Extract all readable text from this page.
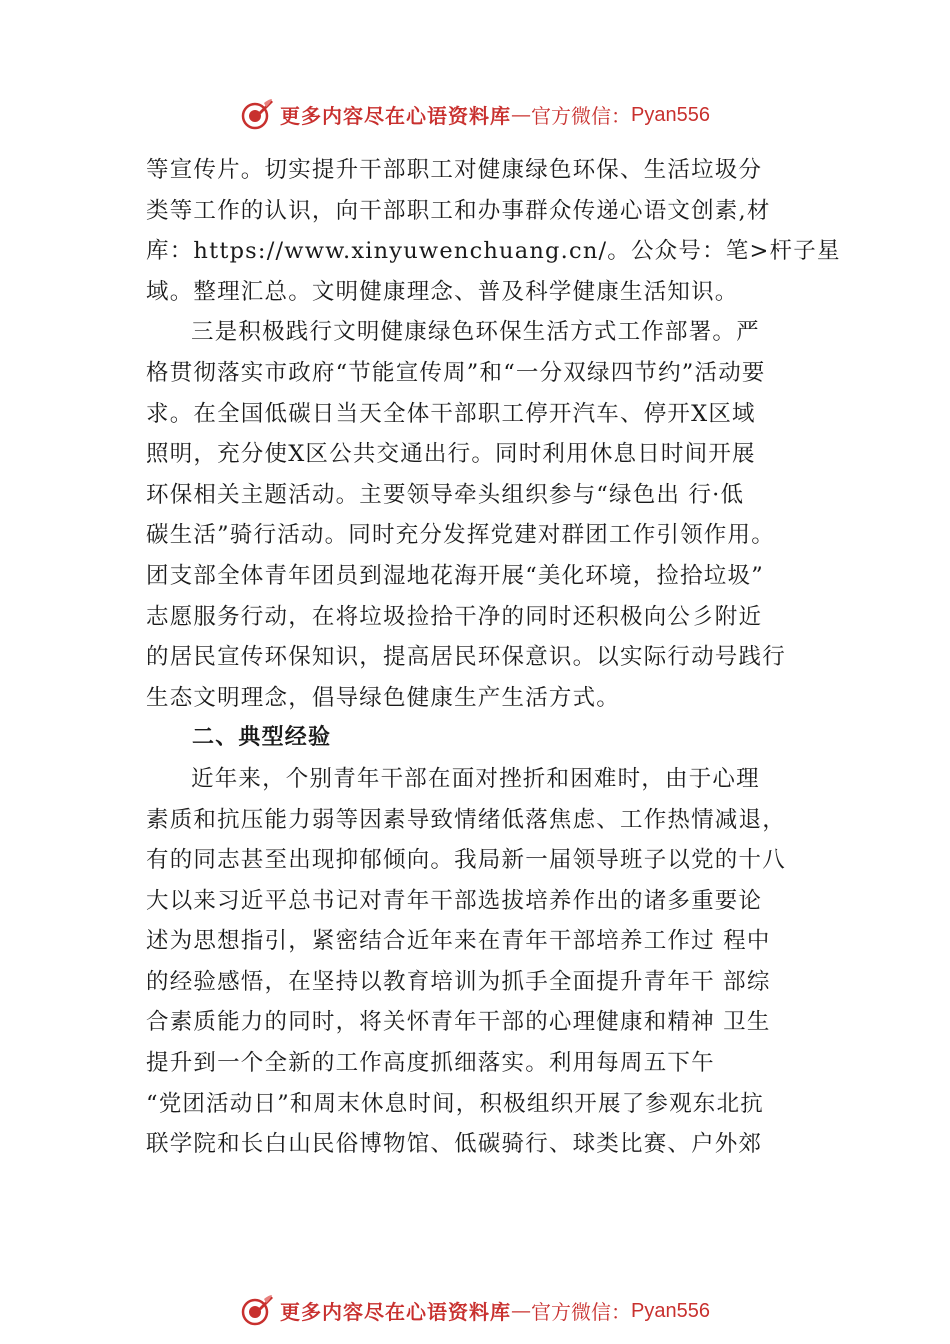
更多内容尽在心语资料库 — 官方微信： Pyan556
等宣传片。切实提升干部职工对健康绿色环保、生活垃圾分
类等工作的认识，向干部职工和办事群众传递心语文创素,材
库：https://www.xinyuwenchuang.cn/。公众号：笔>杆子星
域。整理汇总。文明健康理念、普及科学健康生活知识。
三是积极践行文明健康绿色环保生活方式工作部署。严
格贯彻落实市政府“节能宣传周”和“一分双绿四节约”活动要
求。在全国低碳日当天全体干部职工停开汽车、停开X区域
照明，充分使X区公共交通出行。同时利用休息日时间开展
环保相关主题活动。主要领导牵头组织参与“绿色出 行·低
碳生活”骑行活动。同时充分发挥党建对群团工作引领作用。
团支部全体青年团员到湿地花海开展“美化环境，捡拾垃圾”
志愿服务行动，在将垃圾捡拾干净的同时还积极向公⼺附近
的居民宣传环保知识，提高居民环保意识。以实际行动号践行
生态文明理念，倡导绿色健康生产生活方式。
二、典型经验
近年来，个别青年干部在面对挫折和困难时，由于心理
素质和抗压能力弱等因素导致情绪低落焦虑、工作热情减退，
有的同志甚至出现抑郁倾向。我局新一届领导班子以党的十八
大以来习近平总书记对青年干部选拔培养作出的诸多重要论
述为思想指引，紧密结合近年来在青年干部培养工作过 程中
的经验感悟，在坚持以教育培训为抓手全面提升青年干 部综
合素质能力的同时，将关怀青年干部的心理健康和精神 卫生
提升到一个全新的工作高度抓细落实。利用每周五下午
“党团活动日”和周末休息时间，积极组织开展了参观东北抗
联学院和长白山民俗博物馆、低碳骑行、球类比赛、户外郊
更多内容尽在心语资料库 — 官方微信： Pyan556
